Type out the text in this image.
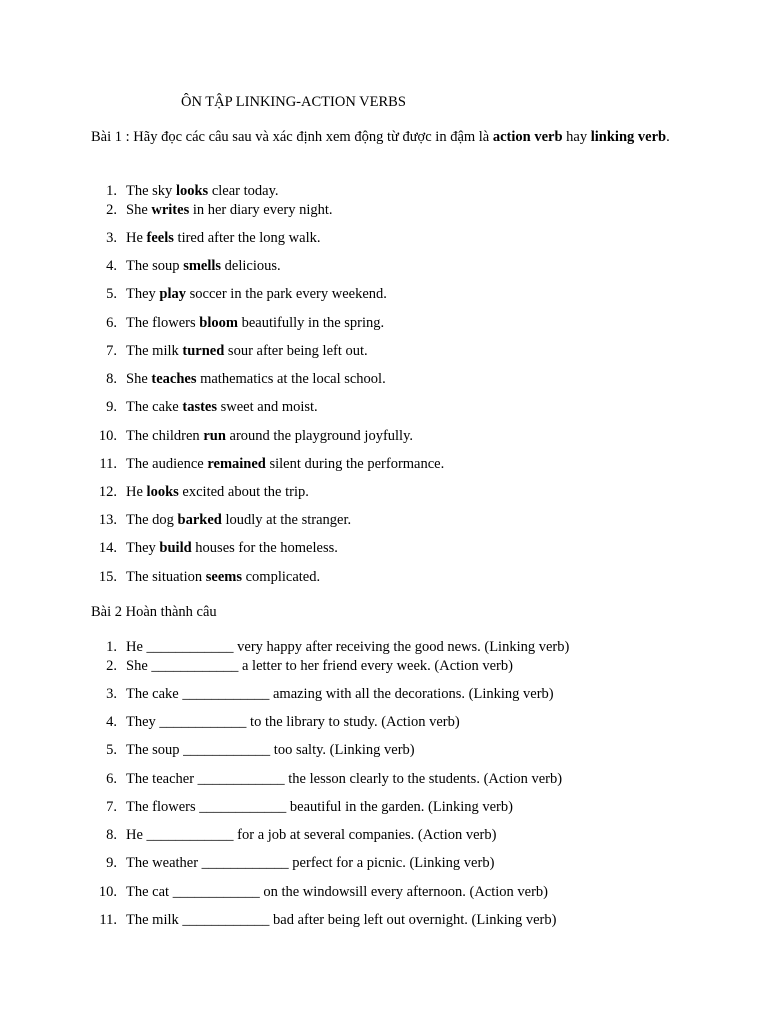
ÔN TẬP LINKING-ACTION VERBS
Bài 1 : Hãy đọc các câu sau và xác định xem động từ được in đậm là action verb hay linking verb.
1. The sky looks clear today.
2. She writes in her diary every night.
3. He feels tired after the long walk.
4. The soup smells delicious.
5. They play soccer in the park every weekend.
6. The flowers bloom beautifully in the spring.
7. The milk turned sour after being left out.
8. She teaches mathematics at the local school.
9. The cake tastes sweet and moist.
10. The children run around the playground joyfully.
11. The audience remained silent during the performance.
12. He looks excited about the trip.
13. The dog barked loudly at the stranger.
14. They build houses for the homeless.
15. The situation seems complicated.
Bài 2 Hoàn thành câu
1. He ____________ very happy after receiving the good news. (Linking verb)
2. She ____________ a letter to her friend every week. (Action verb)
3. The cake ____________ amazing with all the decorations. (Linking verb)
4. They ____________ to the library to study. (Action verb)
5. The soup ____________ too salty. (Linking verb)
6. The teacher ____________ the lesson clearly to the students. (Action verb)
7. The flowers ____________ beautiful in the garden. (Linking verb)
8. He ____________ for a job at several companies. (Action verb)
9. The weather ____________ perfect for a picnic. (Linking verb)
10. The cat ____________ on the windowsill every afternoon. (Action verb)
11. The milk ____________ bad after being left out overnight. (Linking verb)
